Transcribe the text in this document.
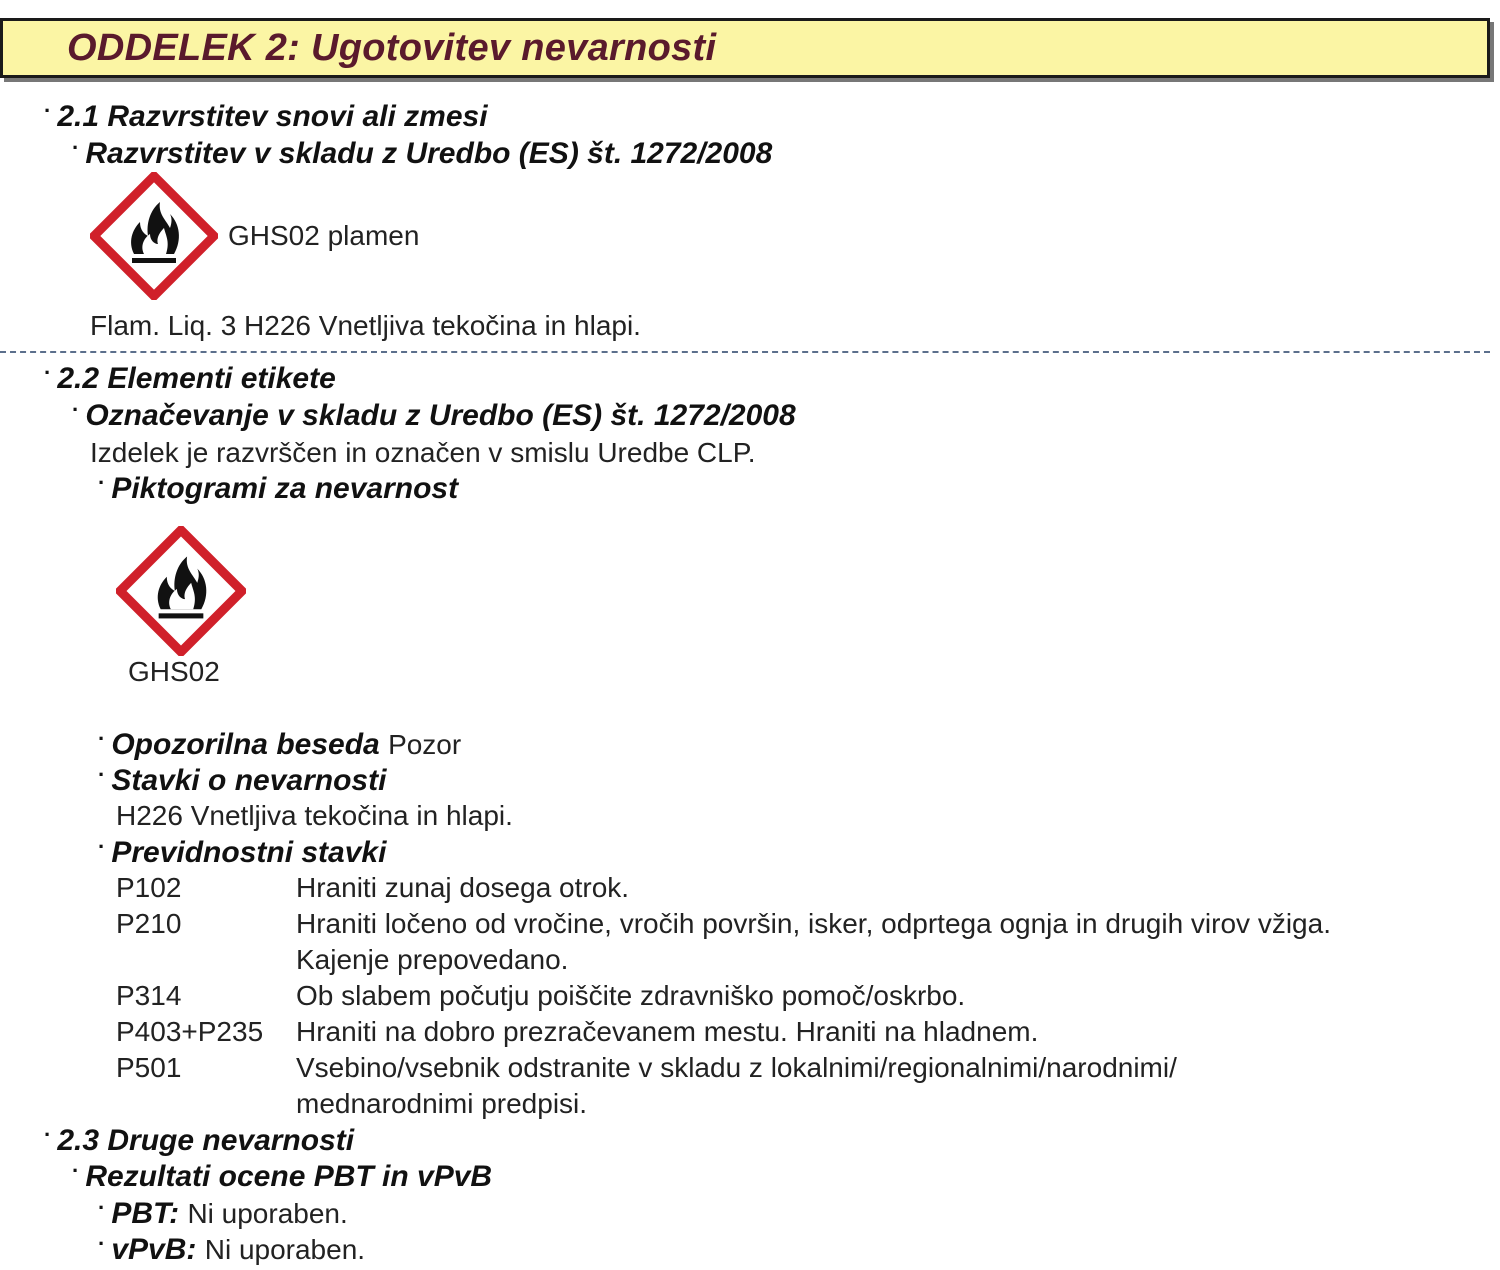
ODDELEK 2: Ugotovitev nevarnosti
· 2.1 Razvrstitev snovi ali zmesi
· Razvrstitev v skladu z Uredbo (ES) št. 1272/2008
GHS02 plamen
Flam. Liq. 3 H226 Vnetljiva tekočina in hlapi.
· 2.2 Elementi etikete
· Označevanje v skladu z Uredbo (ES) št. 1272/2008
Izdelek je razvrščen in označen v smislu Uredbe CLP.
· Piktogrami za nevarnost
GHS02
· Opozorilna beseda Pozor
· Stavki o nevarnosti
H226 Vnetljiva tekočina in hlapi.
· Previdnostni stavki
P102	Hraniti zunaj dosega otrok.
P210	Hraniti ločeno od vročine, vročih površin, isker, odprtega ognja in drugih virov vžiga.
Kajenje prepovedano.
P314	Ob slabem počutju poiščite zdravniško pomoč/oskrbo.
P403+P235 Hraniti na dobro prezračevanem mestu. Hraniti na hladnem.
P501	Vsebino/vsebnik odstranite v skladu z lokalnimi/regionalnimi/narodnimi/
mednarodnimi predpisi.
· 2.3 Druge nevarnosti
· Rezultati ocene PBT in vPvB
· PBT: Ni uporaben.
· vPvB: Ni uporaben.
